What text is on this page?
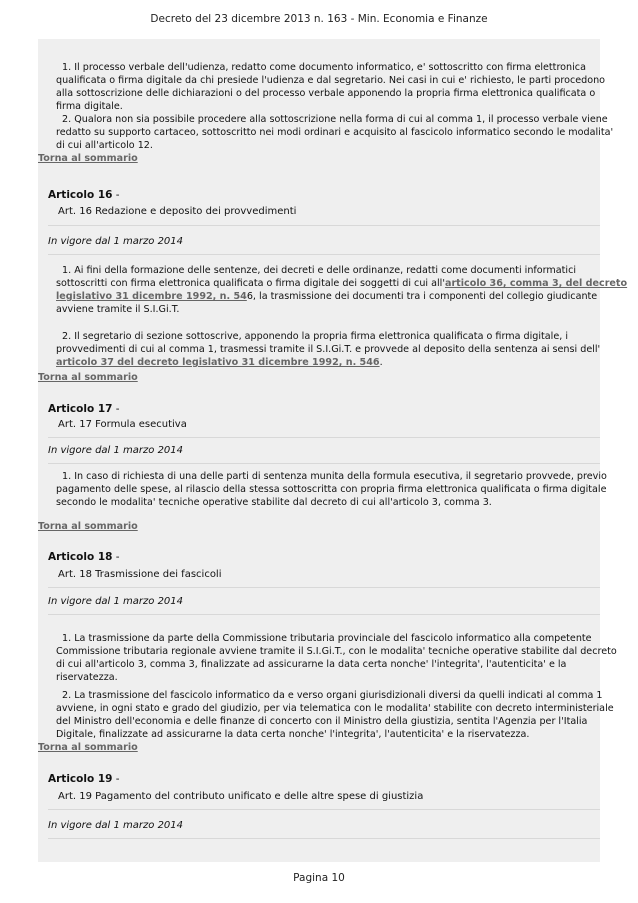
Decreto del 23 dicembre 2013 n. 163 - Min. Economia e Finanze
1. Il processo verbale dell'udienza, redatto come documento informatico, e' sottoscritto con firma elettronica
qualificata o firma digitale da chi presiede l'udienza e dal segretario. Nei casi in cui e' richiesto, le parti procedono
alla sottoscrizione delle dichiarazioni o del processo verbale apponendo la propria firma elettronica qualificata o
firma digitale.
2. Qualora non sia possibile procedere alla sottoscrizione nella forma di cui al comma 1, il processo verbale viene
redatto su supporto cartaceo, sottoscritto nei modi ordinari e acquisito al fascicolo informatico secondo le modalita'
di cui all'articolo 12.
Torna al sommario
Articolo 16 -
Art. 16 Redazione e deposito dei provvedimenti
In vigore dal 1 marzo 2014
1. Ai fini della formazione delle sentenze, dei decreti e delle ordinanze, redatti come documenti informatici
sottoscritti con firma elettronica qualificata o firma digitale dei soggetti di cui all'articolo 36, comma 3, del decreto
legislativo 31 dicembre 1992, n. 546, la trasmissione dei documenti tra i componenti del collegio giudicante
avviene tramite il S.I.Gi.T.
2. Il segretario di sezione sottoscrive, apponendo la propria firma elettronica qualificata o firma digitale, i
provvedimenti di cui al comma 1, trasmessi tramite il S.I.Gi.T. e provvede al deposito della sentenza ai sensi dell'
articolo 37 del decreto legislativo 31 dicembre 1992, n. 546.
Torna al sommario
Articolo 17 -
Art. 17 Formula esecutiva
In vigore dal 1 marzo 2014
1. In caso di richiesta di una delle parti di sentenza munita della formula esecutiva, il segretario provvede, previo
pagamento delle spese, al rilascio della stessa sottoscritta con propria firma elettronica qualificata o firma digitale
secondo le modalita' tecniche operative stabilite dal decreto di cui all'articolo 3, comma 3.
Torna al sommario
Articolo 18 -
Art. 18 Trasmissione dei fascicoli
In vigore dal 1 marzo 2014
1. La trasmissione da parte della Commissione tributaria provinciale del fascicolo informatico alla competente
Commissione tributaria regionale avviene tramite il S.I.Gi.T., con le modalita' tecniche operative stabilite dal decreto
di cui all'articolo 3, comma 3, finalizzate ad assicurarne la data certa nonche' l'integrita', l'autenticita' e la
riservatezza.
2. La trasmissione del fascicolo informatico da e verso organi giurisdizionali diversi da quelli indicati al comma 1
avviene, in ogni stato e grado del giudizio, per via telematica con le modalita' stabilite con decreto interministeriale
del Ministro dell'economia e delle finanze di concerto con il Ministro della giustizia, sentita l'Agenzia per l'Italia
Digitale, finalizzate ad assicurarne la data certa nonche' l'integrita', l'autenticita' e la riservatezza.
Torna al sommario
Articolo 19 -
Art. 19 Pagamento del contributo unificato e delle altre spese di giustizia
In vigore dal 1 marzo 2014
Pagina 10
